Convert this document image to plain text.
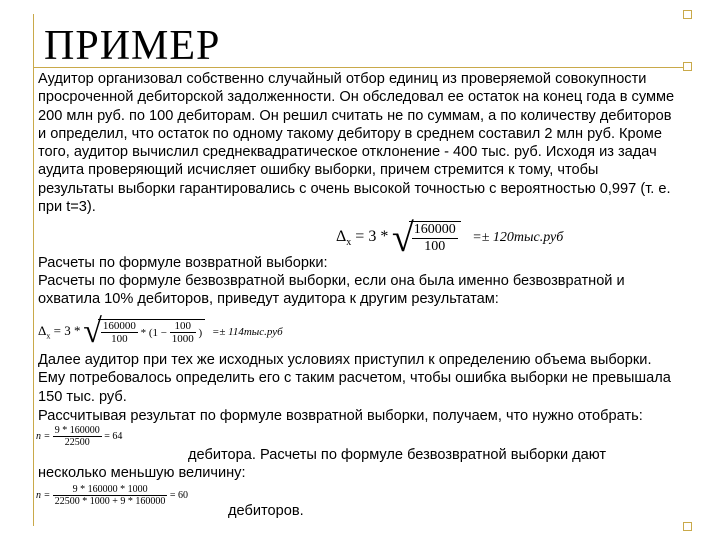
ПРИМЕР

Аудитор организовал собственно случайный отбор единиц из проверяемой совокупности просроченной дебиторской задолженности. Он обследовал ее остаток на конец года в сумме 200 млн руб. по 100 дебиторам. Он решил считать не по суммам, а по количеству дебиторов и определил, что остаток по одному такому дебитору в среднем составил 2 млн руб. Кроме того, аудитор вычислил среднеквадратическое отклонение - 400 тыс. руб. Исходя из задач аудита проверяющий исчисляет ошибку выборки, причем стремится к тому, чтобы результаты выборки гарантировались с очень высокой точностью с вероятностью 0,997 (т. е. при t=3).

Расчеты по формуле возвратной выборки:

$\Delta_x = 3$ * √
$\frac{160000}{100} =\pm 120тыс.руб$

Расчеты по формуле безвозвратной выборки, если она была именно безвозвратной и охватила 10% дебиторов, приведут аудитора к другим результатам:

$\Delta_x = 3$ * √ $\frac{160000}{100} * (1 - \frac{100}{1000}$ ) =± 114тыс.руб

Далее аудитор при тех же исходных условиях приступил к определению объема выборки. Ему потребовалось определить его с таким расчетом, чтобы ошибка выборки не превышала 150 тыс. руб.

Рассчитывая результат по формуле возвратной выборки, получаем, что нужно отобрать:

$n = \frac{9 * 160000}{22500} = 64$

дебитора. Расчеты по формуле безвозвратной выборки дают несколько меньшую величину:

$n = \frac{9 * 160000 * 1000}{22500 * 1000 + 9 * 160000} = 60$

дебиторов.
